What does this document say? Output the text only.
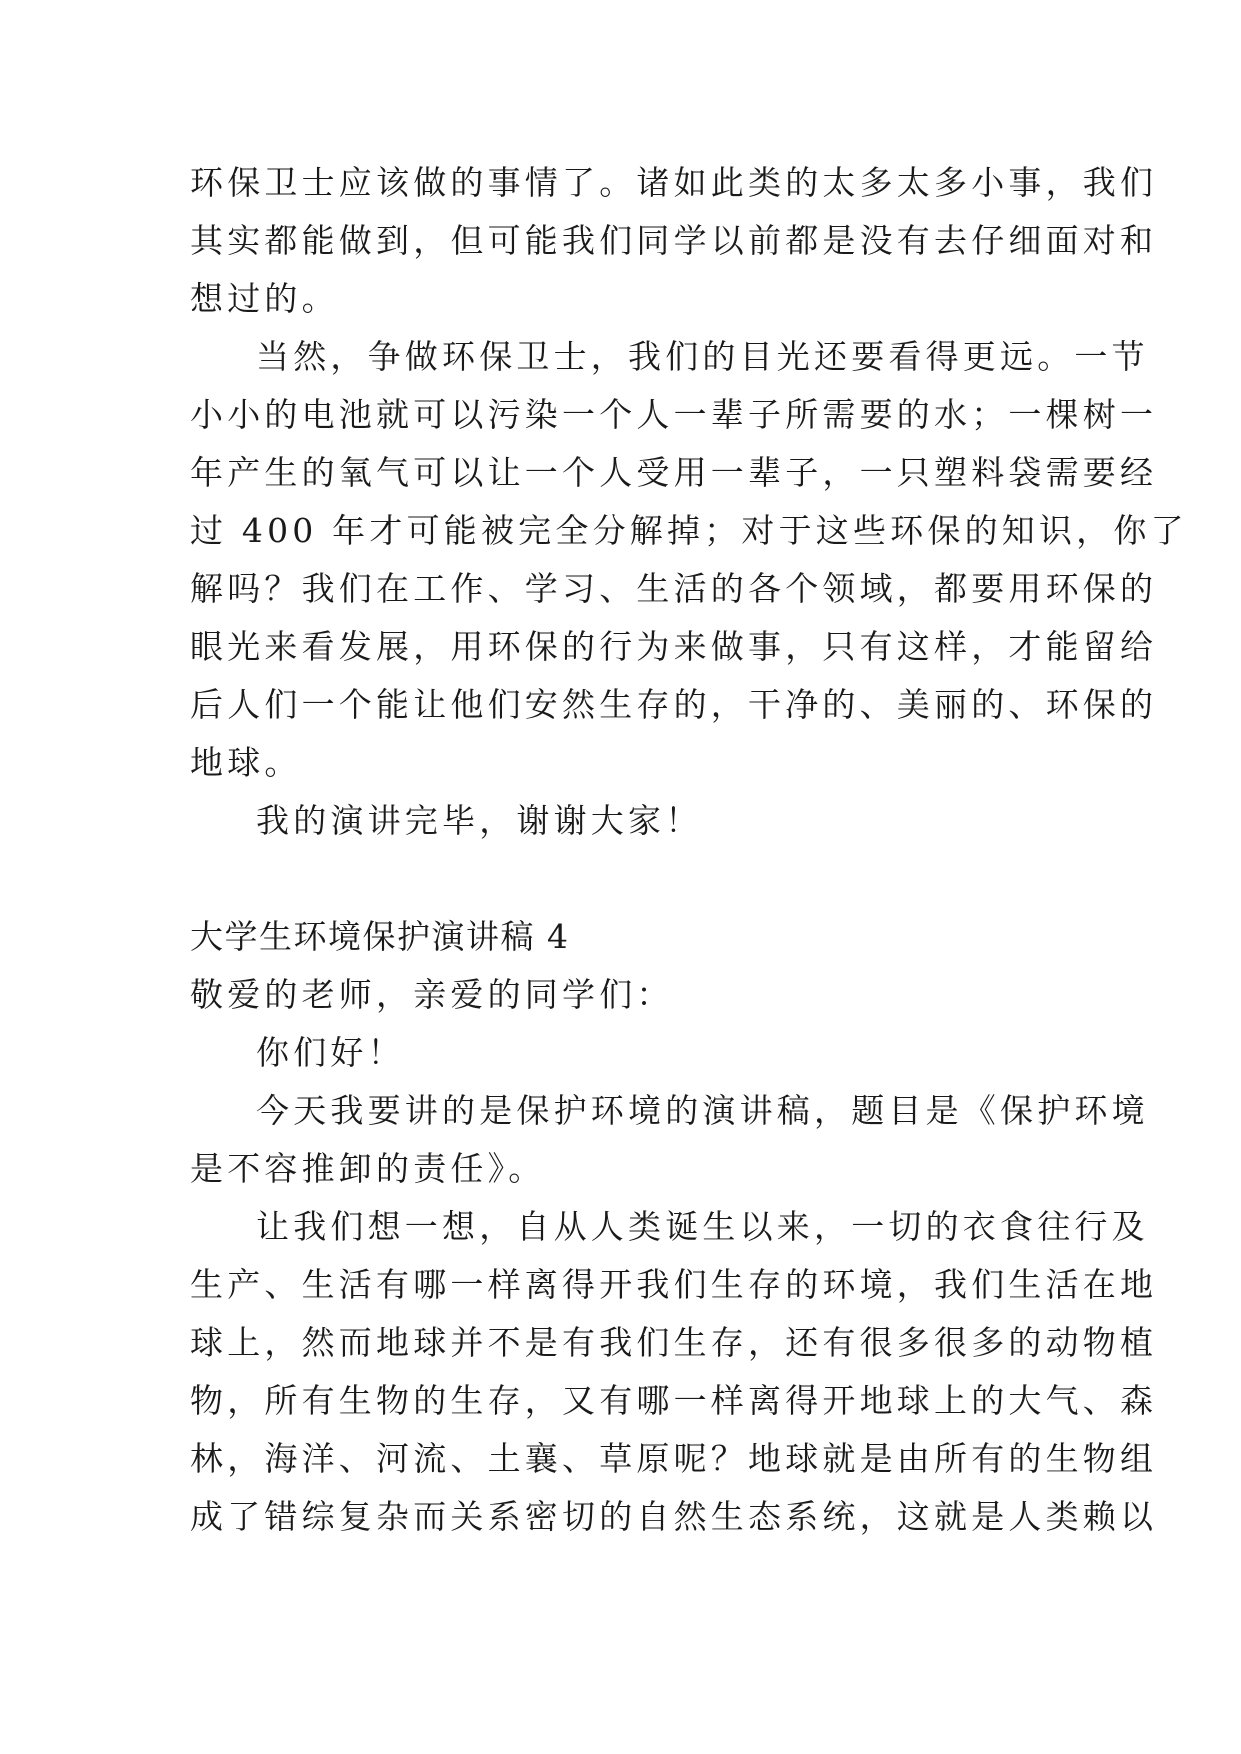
环保卫士应该做的事情了。诸如此类的太多太多小事，我们
其实都能做到，但可能我们同学以前都是没有去仔细面对和
想过的。
当然，争做环保卫士，我们的目光还要看得更远。一节
小小的电池就可以污染一个人一辈子所需要的水；一棵树一
年产生的氧气可以让一个人受用一辈子，一只塑料袋需要经
过 400 年才可能被完全分解掉；对于这些环保的知识，你了
解吗？我们在工作、学习、生活的各个领域，都要用环保的
眼光来看发展，用环保的行为来做事，只有这样，才能留给
后人们一个能让他们安然生存的，干净的、美丽的、环保的
地球。
我的演讲完毕，谢谢大家！
大学生环境保护演讲稿 4
敬爱的老师，亲爱的同学们：
你们好！
今天我要讲的是保护环境的演讲稿，题目是《保护环境
是不容推卸的责任》。
让我们想一想，自从人类诞生以来，一切的衣食往行及
生产、生活有哪一样离得开我们生存的环境，我们生活在地
球上，然而地球并不是有我们生存，还有很多很多的动物植
物，所有生物的生存，又有哪一样离得开地球上的大气、森
林，海洋、河流、土襄、草原呢？地球就是由所有的生物组
成了错综复杂而关系密切的自然生态系统，这就是人类赖以
